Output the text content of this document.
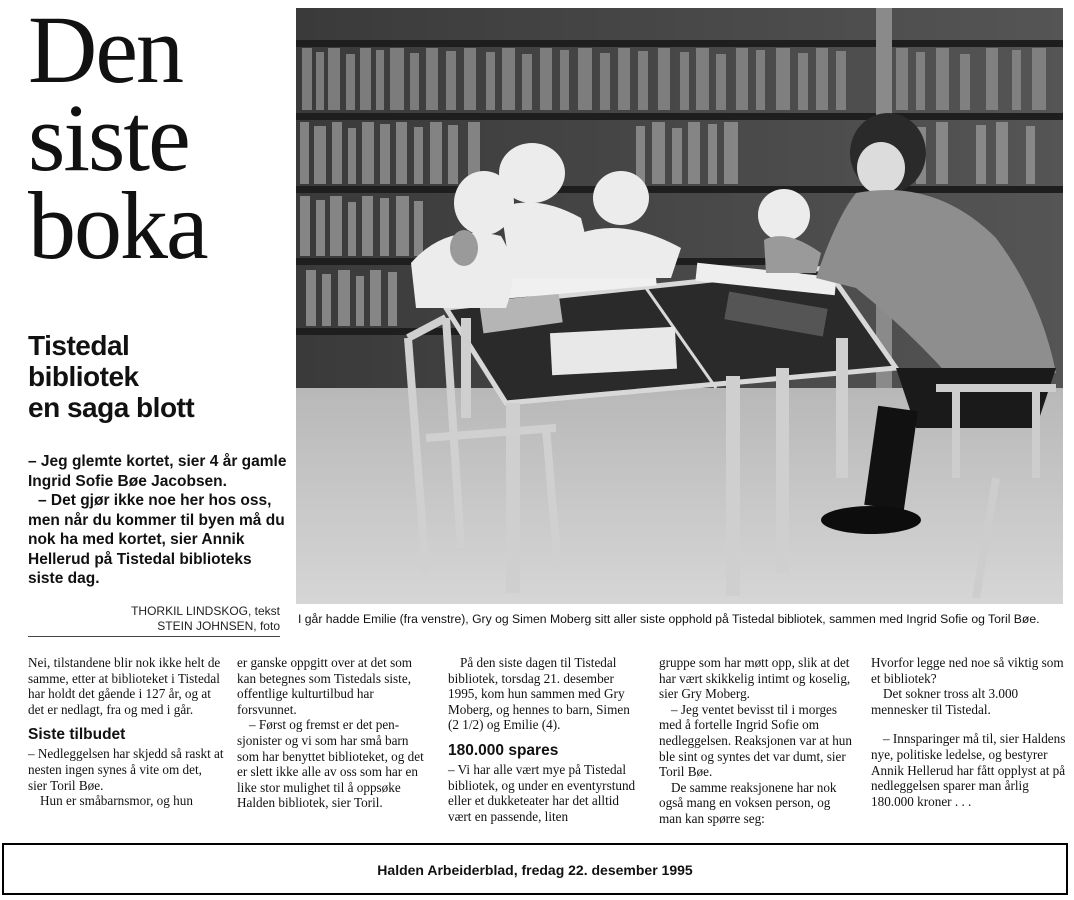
Den
siste
boka
Tistedal
bibliotek
en saga blott

– Jeg glemte kortet, sier 4 år gamle Ingrid Sofie Bøe Jacobsen.

– Det gjør ikke noe her hos oss, men når du kommer til byen må du nok ha med kortet, sier Annik Hellerud på Tistedal biblioteks siste dag.

THORKIL LINDSKOG, tekst
STEIN JOHNSEN, foto I går hadde Emilie (fra venstre), Gry og Simen Moberg sitt aller siste opphold på Tistedal bibliotek, sammen med Ingrid Sofie og Toril Bøe.

Nei, tilstandene blir nok ikke helt de samme, etter at biblioteket i Tistedal har holdt det gående i 127 år, og at det er nedlagt, fra og med i går.

Siste tilbudet

– Nedleggelsen har skjedd så raskt at nesten ingen synes å vite om det, sier Toril Bøe.

Hun er småbarnsmor, og hun

er ganske oppgitt over at det som kan betegnes som Tistedals siste, offentlige kulturtilbud har forsvunnet.

– Først og fremst er det pensjonister og vi som har små barn som har benyttet biblioteket, og det er slett ikke alle av oss som har en like stor mulighet til å oppsøke Halden bibliotek, sier Toril.

På den siste dagen til Tistedal bibliotek, torsdag 21. desember 1995, kom hun sammen med Gry Moberg, og hennes to barn, Simen (2 1/2) og Emilie (4).

180.000 spares

– Vi har alle vært mye på Tistedal bibliotek, og under en eventyrstund eller et dukketeater har det alltid vært en passende, liten

gruppe som har møtt opp, slik at det har vært skikkelig intimt og koselig, sier Gry Moberg.

– Jeg ventet bevisst til i morges med å fortelle Ingrid Sofie om nedleggelsen. Reaksjonen var at hun ble sint og syntes det var dumt, sier Toril Bøe.

De samme reaksjonene har nok også mang en voksen person, og man kan spørre seg:

Hvorfor legge ned noe så viktig som et bibliotek?

Det sokner tross alt 3.000 mennesker til Tistedal.

– Innsparinger må til, sier Haldens nye, politiske ledelse, og bestyrer Annik Hellerud har fått opplyst at på nedleggelsen sparer man årlig 180.000 kroner . . .

Halden Arbeiderblad, fredag 22. desember 1995
